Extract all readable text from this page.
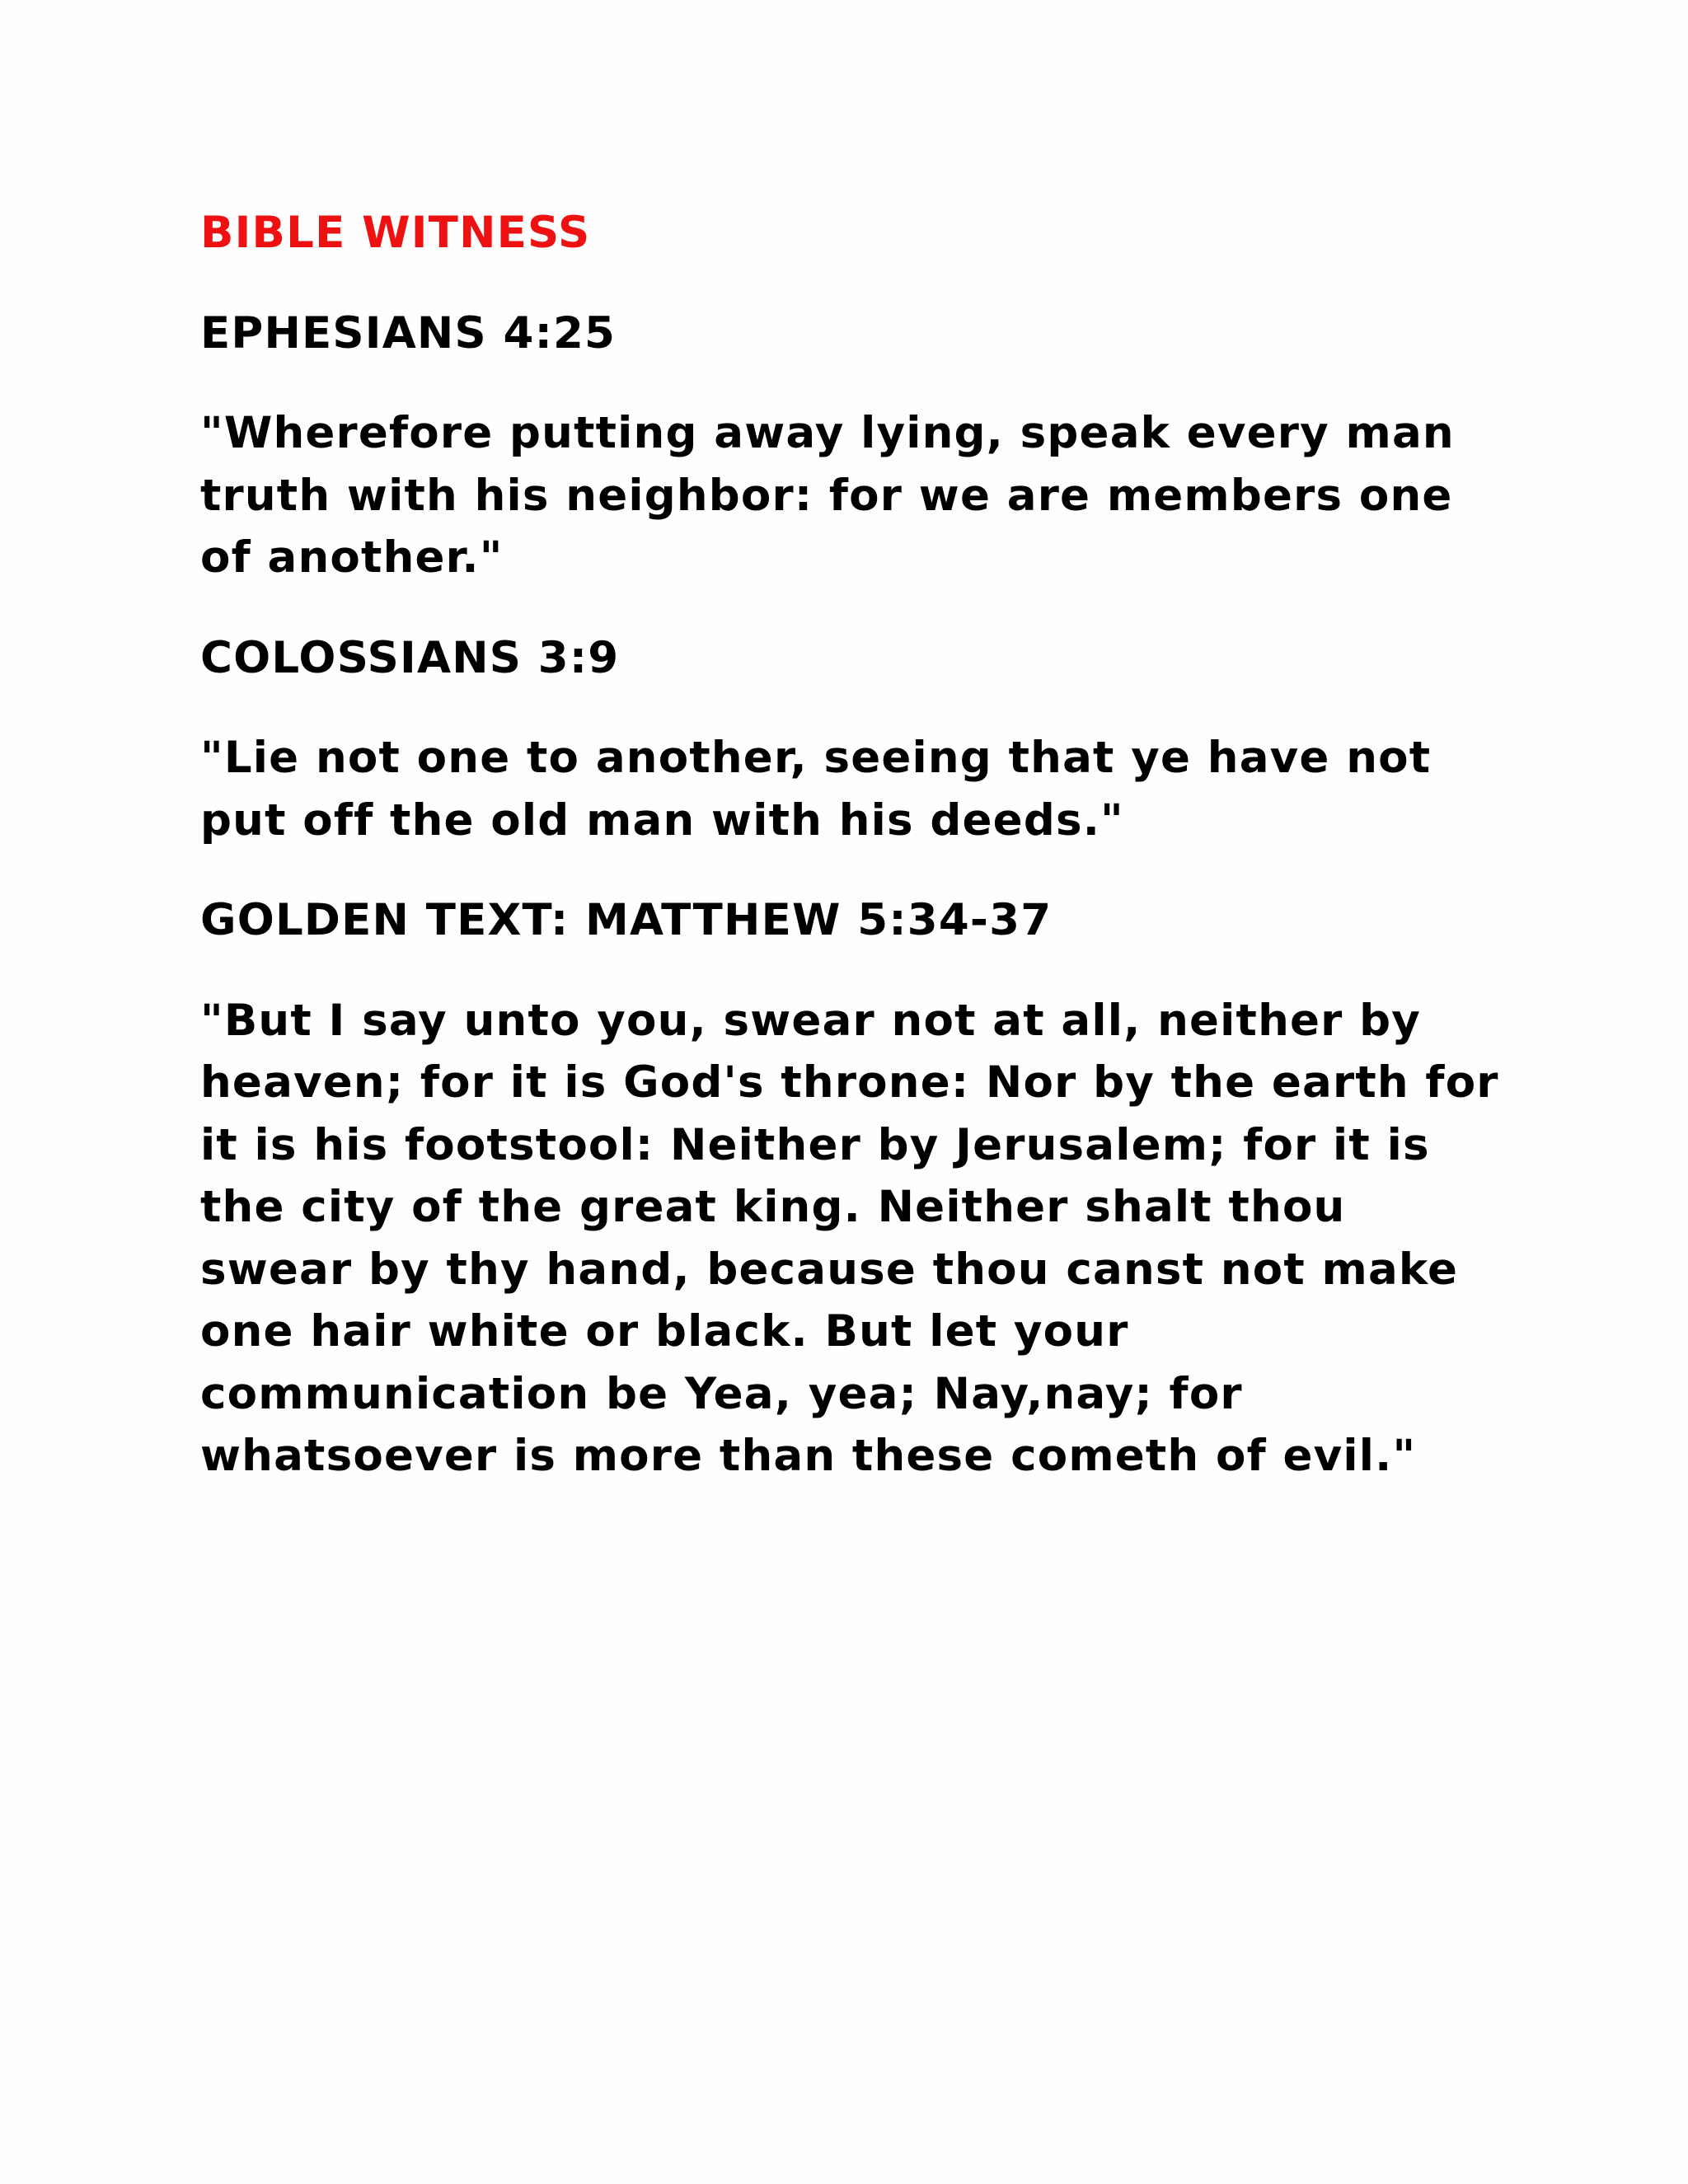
BIBLE WITNESS
EPHESIANS 4:25

"Wherefore putting away lying, speak every man truth with his neighbor: for we are members one of another."

COLOSSIANS 3:9

"Lie not one to another, seeing that ye have not put off the old man with his deeds."

GOLDEN TEXT: MATTHEW 5:34-37

"But I say unto you, swear not at all, neither by heaven; for it is God's throne: Nor by the earth for it is his footstool: Neither by Jerusalem; for it is the city of the great king. Neither shalt thou swear by thy hand, because thou canst not make one hair white or black. But let your communication be Yea, yea; Nay,nay; for whatsoever is more than these cometh of evil."
